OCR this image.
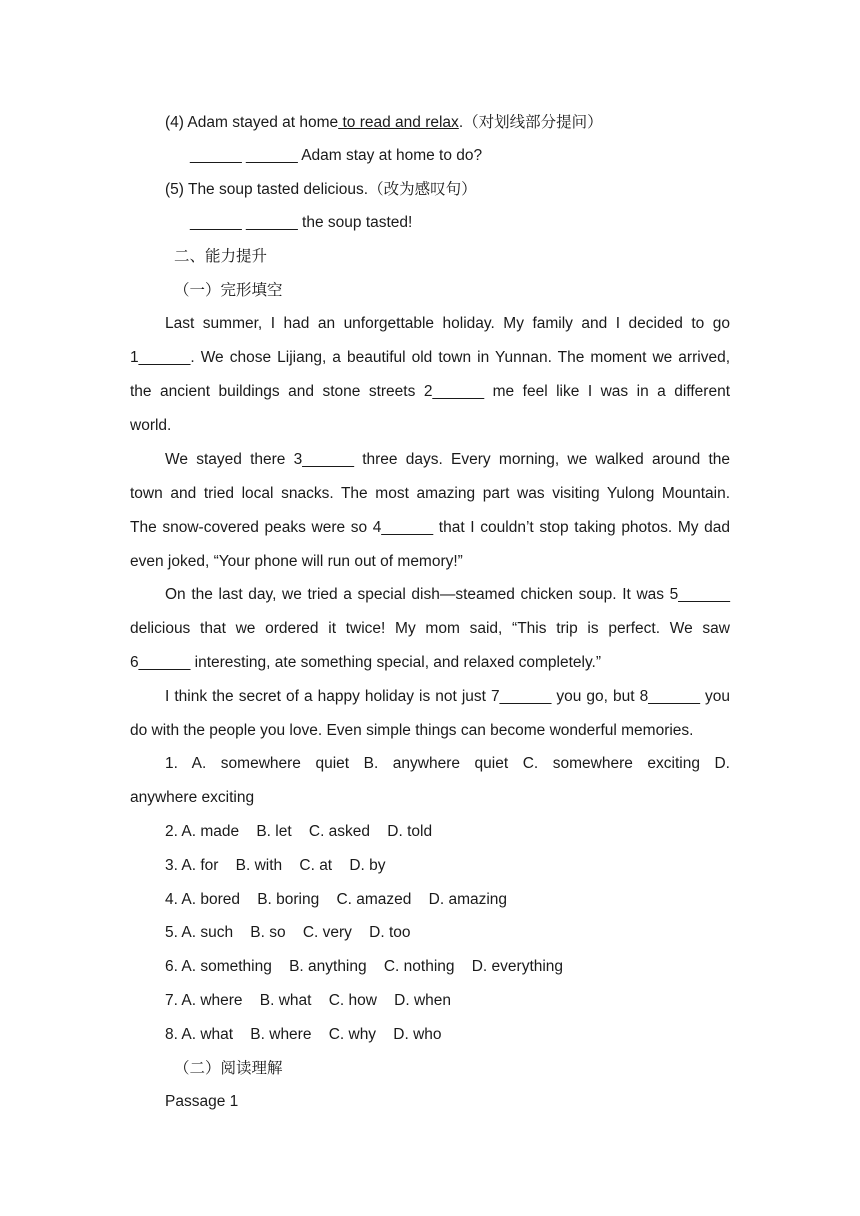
(4) Adam stayed at home to read and relax.（对划线部分提问）
______ ______ Adam stay at home to do?
(5) The soup tasted delicious.（改为感叹句）
______ ______ the soup tasted!
二、能力提升
（一）完形填空
Last summer, I had an unforgettable holiday. My family and I decided to go
1______. We chose Lijiang, a beautiful old town in Yunnan. The moment we arrived,
the ancient buildings and stone streets 2______ me feel like I was in a different
world.
We stayed there 3______ three days. Every morning, we walked around the
town and tried local snacks. The most amazing part was visiting Yulong Mountain.
The snow-covered peaks were so 4______ that I couldn’t stop taking photos. My dad
even joked, “Your phone will run out of memory!”
On the last day, we tried a special dish—steamed chicken soup. It was 5______
delicious that we ordered it twice! My mom said, “This trip is perfect. We saw
6______ interesting, ate something special, and relaxed completely.”
I think the secret of a happy holiday is not just 7______ you go, but 8______ you
do with the people you love. Even simple things can become wonderful memories.
1. A. somewhere quiet B. anywhere quiet C. somewhere exciting D.
anywhere exciting
2. A. made    B. let    C. asked    D. told
3. A. for    B. with    C. at    D. by
4. A. bored    B. boring    C. amazed    D. amazing
5. A. such    B. so    C. very    D. too
6. A. something    B. anything    C. nothing    D. everything
7. A. where    B. what    C. how    D. when
8. A. what    B. where    C. why    D. who
（二）阅读理解
Passage 1
